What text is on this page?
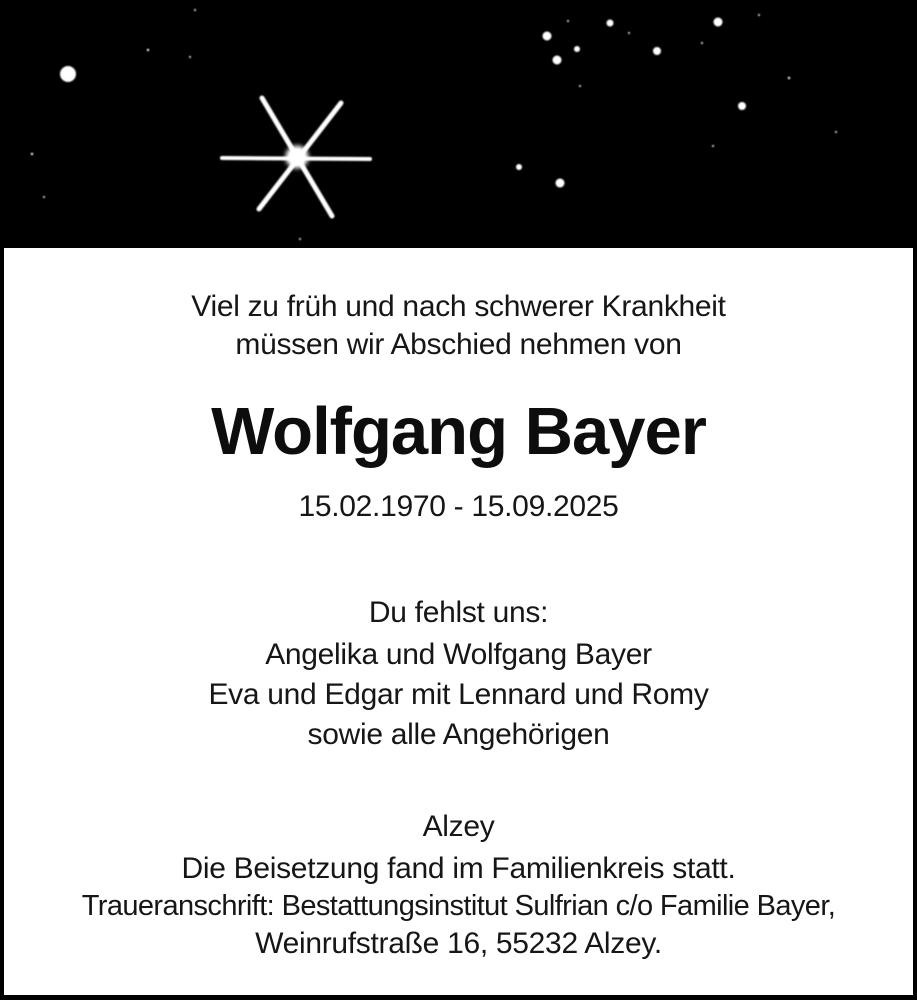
Viel zu früh und nach schwerer Krankheit
müssen wir Abschied nehmen von
Wolfgang Bayer
15.02.1970 - 15.09.2025
Du fehlst uns:
Angelika und Wolfgang Bayer
Eva und Edgar mit Lennard und Romy
sowie alle Angehörigen
Alzey
Die Beisetzung fand im Familienkreis statt.
Traueranschrift: Bestattungsinstitut Sulfrian c/o Familie Bayer,
Weinrufstraße 16, 55232 Alzey.
